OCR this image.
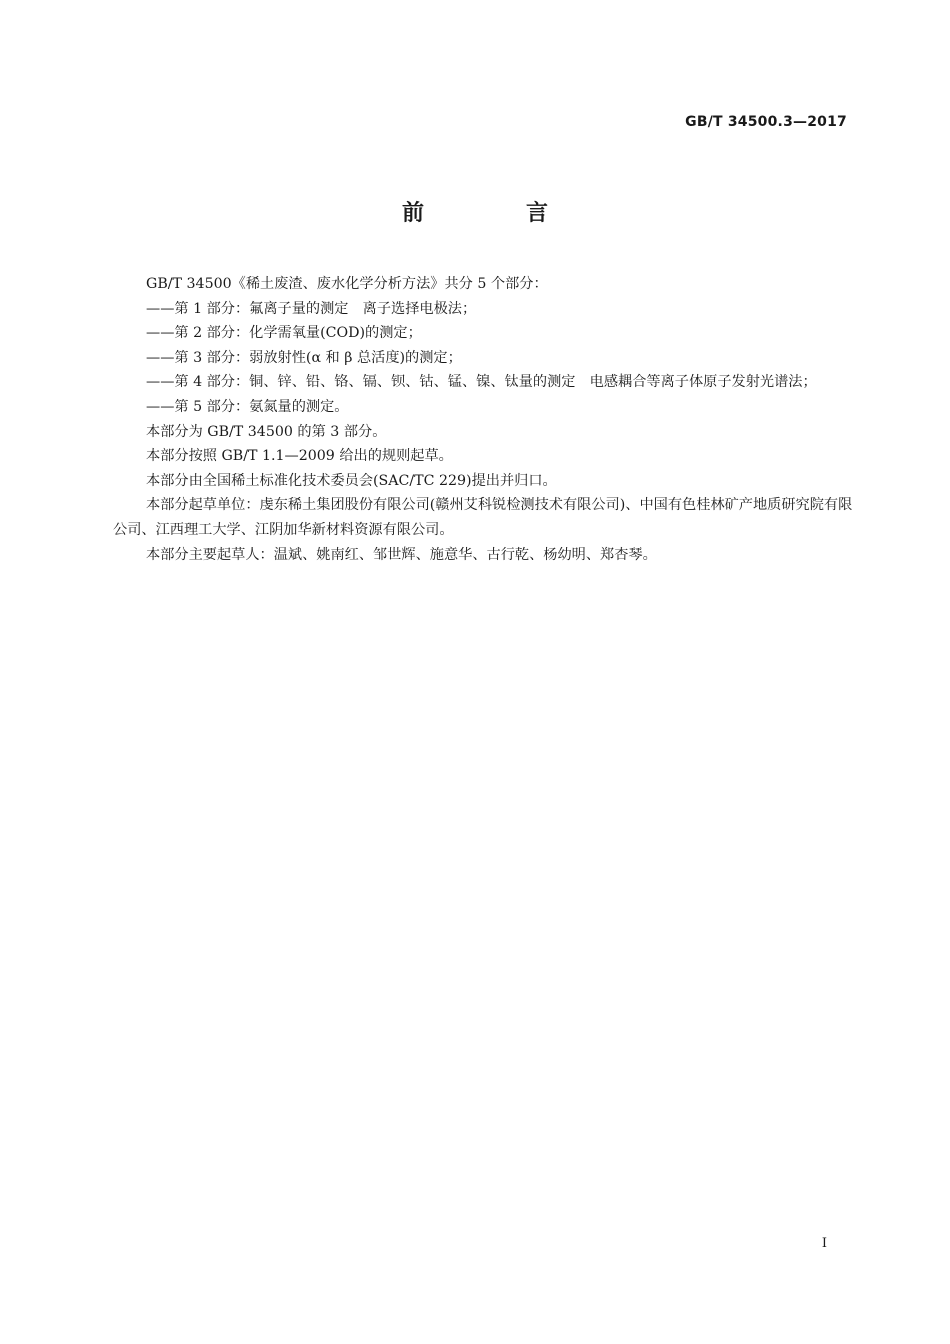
GB/T 34500.3—2017
前　言

GB/T 34500《稀土废渣、废水化学分析方法》共分 5 个部分：

——第 1 部分：氟离子量的测定　离子选择电极法；

——第 2 部分：化学需氧量(COD)的测定；

——第 3 部分：弱放射性(α 和 β 总活度)的测定；

——第 4 部分：铜、锌、铅、铬、镉、钡、钴、锰、镍、钛量的测定　电感耦合等离子体原子发射光谱法；

——第 5 部分：氨氮量的测定。

本部分为 GB/T 34500 的第 3 部分。

本部分按照 GB/T 1.1—2009 给出的规则起草。

本部分由全国稀土标准化技术委员会(SAC/TC 229)提出并归口。

本部分起草单位：虔东稀土集团股份有限公司(赣州艾科锐检测技术有限公司)、中国有色桂林矿产地质研究院有限公司、江西理工大学、江阴加华新材料资源有限公司。

本部分主要起草人：温斌、姚南红、邹世辉、施意华、古行乾、杨幼明、郑杏琴。

I
